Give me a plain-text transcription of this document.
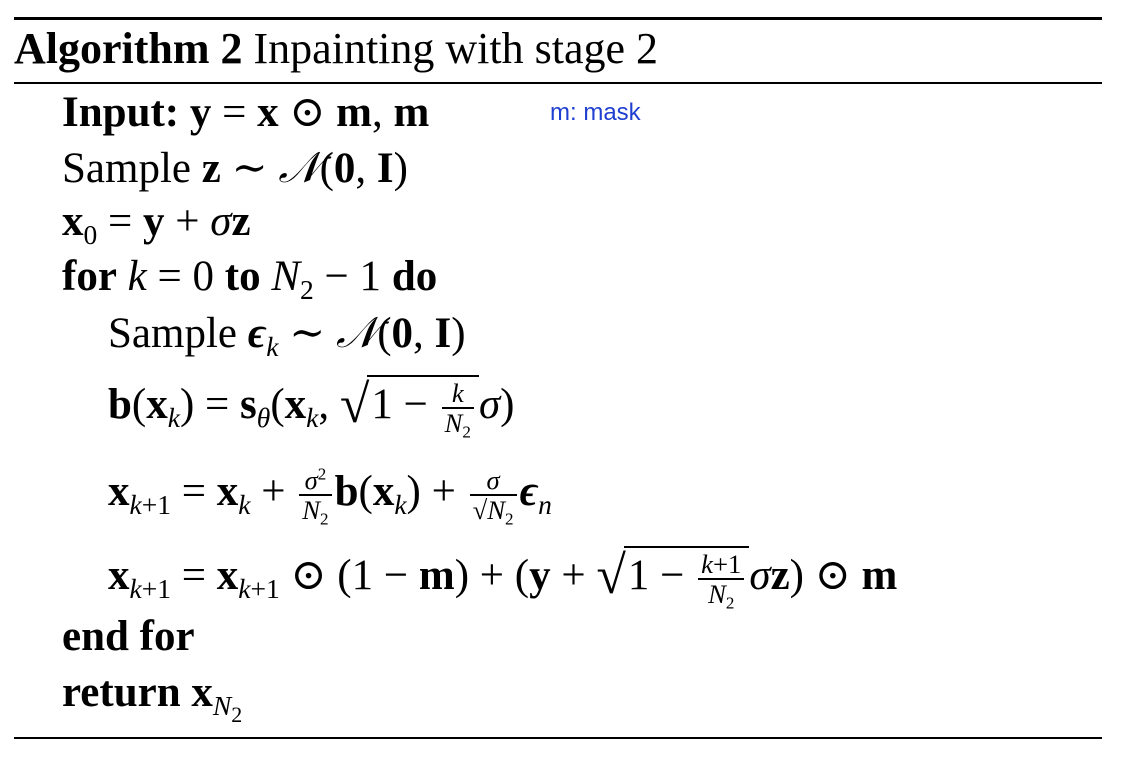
Algorithm 2 Inpainting with stage 2
Input: y = x ⊙ m, m	m: mask
Sample z ∼ 𝒩(0, I)
$x_0 = y + \sigma z$
for k = 0 to $N_2 - 1$ do
Sample $\epsilon_k$ ∼ 𝒩(0, I)
$b(x_k) = s_\theta(x_k$, $√1 - \frac{k}{N_2} \sigma$)
$x_{k+1} = x_k + \frac{\sigma^2}{N_2} b(x_k) + \frac{\sigma}{√N_2} \epsilon_n$
$x_{k+1} = x_{k+1}$ ⊙ $(1 - m) + (y + √1 - \frac{k+1}{N_2} \sigma z)$ ⊙ m
end for
return $x_{N_2}$
